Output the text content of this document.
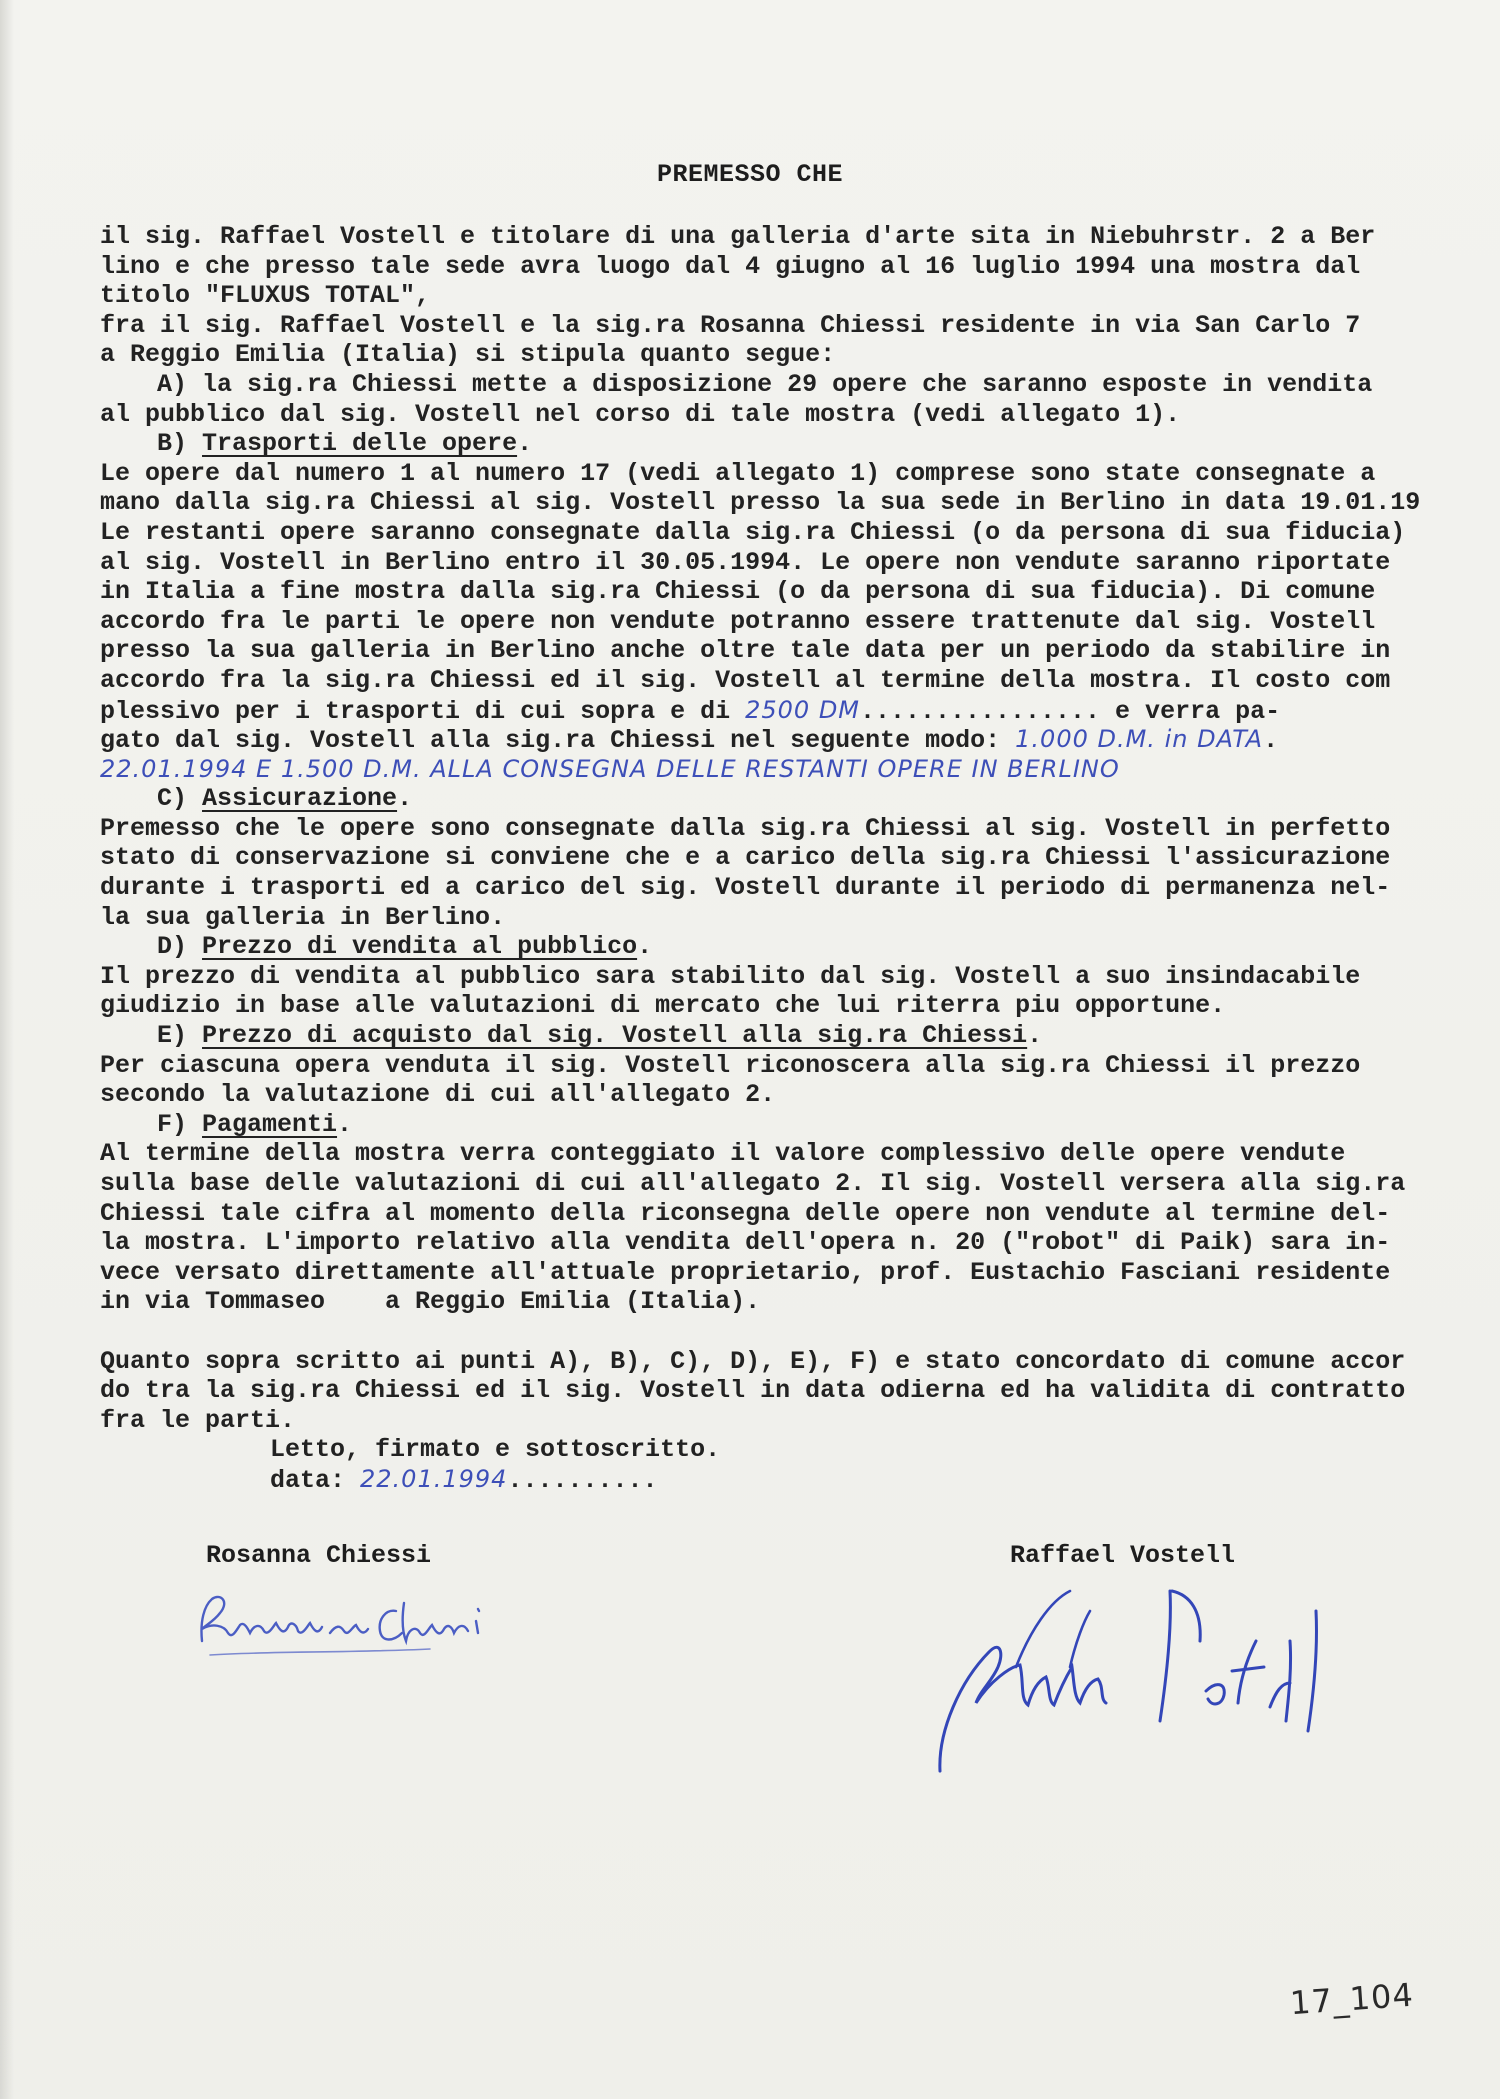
PREMESSO CHE
il sig. Raffael Vostell e titolare di una galleria d'arte sita in Niebuhrstr. 2 a Ber
lino e che presso tale sede avra luogo dal 4 giugno al 16 luglio 1994 una mostra dal
titolo "FLUXUS TOTAL",
fra il sig. Raffael Vostell e la sig.ra Rosanna Chiessi residente in via San Carlo 7
a Reggio Emilia (Italia) si stipula quanto segue:
A) la sig.ra Chiessi mette a disposizione 29 opere che saranno esposte in vendita
al pubblico dal sig. Vostell nel corso di tale mostra (vedi allegato 1).
B) Trasporti delle opere.
Le opere dal numero 1 al numero 17 (vedi allegato 1) comprese sono state consegnate a
mano dalla sig.ra Chiessi al sig. Vostell presso la sua sede in Berlino in data 19.01.19
Le restanti opere saranno consegnate dalla sig.ra Chiessi (o da persona di sua fiducia)
al sig. Vostell in Berlino entro il 30.05.1994. Le opere non vendute saranno riportate
in Italia a fine mostra dalla sig.ra Chiessi (o da persona di sua fiducia). Di comune
accordo fra le parti le opere non vendute potranno essere trattenute dal sig. Vostell
presso la sua galleria in Berlino anche oltre tale data per un periodo da stabilire in
accordo fra la sig.ra Chiessi ed il sig. Vostell al termine della mostra. Il costo com
plessivo per i trasporti di cui sopra e di 2500 DM................ e verra pa-
gato dal sig. Vostell alla sig.ra Chiessi nel seguente modo: 1.000 D.M. in DATA.
22.01.1994 E 1.500 D.M. ALLA CONSEGNA DELLE RESTANTI OPERE IN BERLINO
C) Assicurazione.
Premesso che le opere sono consegnate dalla sig.ra Chiessi al sig. Vostell in perfetto
stato di conservazione si conviene che e a carico della sig.ra Chiessi l'assicurazione
durante i trasporti ed a carico del sig. Vostell durante il periodo di permanenza nel-
la sua galleria in Berlino.
D) Prezzo di vendita al pubblico.
Il prezzo di vendita al pubblico sara stabilito dal sig. Vostell a suo insindacabile
giudizio in base alle valutazioni di mercato che lui riterra piu opportune.
E) Prezzo di acquisto dal sig. Vostell alla sig.ra Chiessi.
Per ciascuna opera venduta il sig. Vostell riconoscera alla sig.ra Chiessi il prezzo
secondo la valutazione di cui all'allegato 2.
F) Pagamenti.
Al termine della mostra verra conteggiato il valore complessivo delle opere vendute
sulla base delle valutazioni di cui all'allegato 2. Il sig. Vostell versera alla sig.ra
Chiessi tale cifra al momento della riconsegna delle opere non vendute al termine del-
la mostra. L'importo relativo alla vendita dell'opera n. 20 ("robot" di Paik) sara in-
vece versato direttamente all'attuale proprietario, prof. Eustachio Fasciani residente
in via Tommaseo    a Reggio Emilia (Italia).
Quanto sopra scritto ai punti A), B), C), D), E), F) e stato concordato di comune accor
do tra la sig.ra Chiessi ed il sig. Vostell in data odierna ed ha validita di contratto
fra le parti.
Letto, firmato e sottoscritto.
data: 22.01.1994..........
Rosanna Chiessi	Raffael Vostell
17_104
